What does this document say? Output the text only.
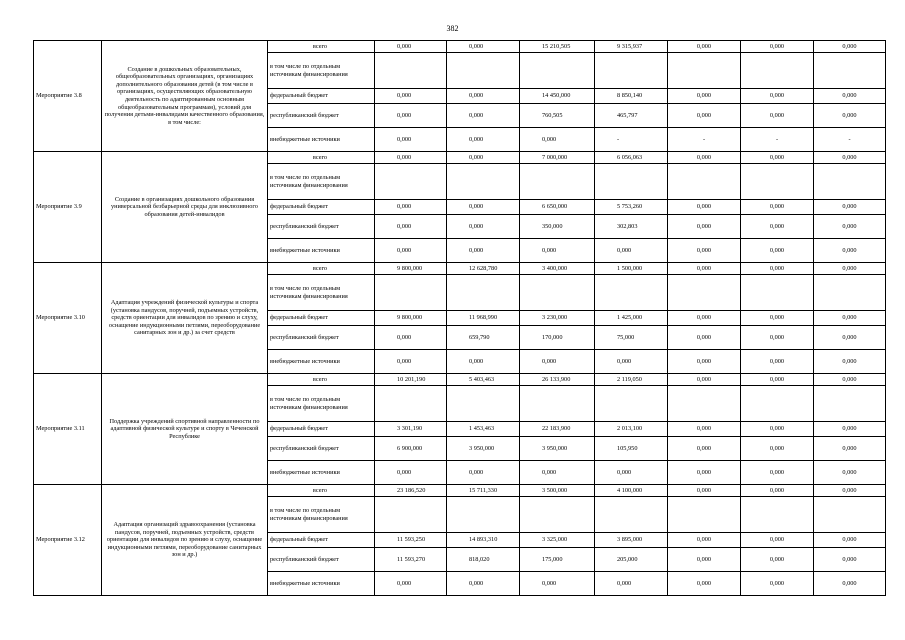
382
Мероприятие 3.8	Создание в дошкольных образовательных, общеобразовательных организациях, организациях дополнительного образования детей (в том числе в организациях, осуществляющих образовательную деятельность по адаптированным основным общеобразовательным программам), условий для получения детьми-инвалидами качественного образования, в том числе:	всего	0,000	0,000	15 210,505	9 315,937	0,000	0,000	0,000
		в том числе по отдельным источникам финансирования							
		федеральный бюджет	0,000	0,000	14 450,000	8 850,140	0,000	0,000	0,000
		республиканский бюджет	0,000	0,000	760,505	465,797	0,000	0,000	0,000
		внебюджетные источники	0,000	0,000	0,000	-	-	-	-
Мероприятие 3.9	Создание в организациях дошкольного образования универсальной безбарьерной среды для инклюзивного образования детей-инвалидов	всего	0,000	0,000	7 000,000	6 056,063	0,000	0,000	0,000
		в том числе по отдельным источникам финансирования							
		федеральный бюджет	0,000	0,000	6 650,000	5 753,260	0,000	0,000	0,000
		республиканский бюджет	0,000	0,000	350,000	302,803	0,000	0,000	0,000
		внебюджетные источники	0,000	0,000	0,000	0,000	0,000	0,000	0,000
Мероприятие 3.10	Адаптация учреждений физической культуры и спорта (установка пандусов, поручней, подъемных устройств, средств ориентации для инвалидов по зрению и слуху, оснащение индукционными петлями, переоборудование санитарных зон и др.) за счет средств	всего	9 800,000	12 628,780	3 400,000	1 500,000	0,000	0,000	0,000
		в том числе по отдельным источникам финансирования							
		федеральный бюджет	9 800,000	11 968,990	3 230,000	1 425,000	0,000	0,000	0,000
		республиканский бюджет	0,000	659,790	170,000	75,000	0,000	0,000	0,000
		внебюджетные источники	0,000	0,000	0,000	0,000	0,000	0,000	0,000
Мероприятие 3.11	Поддержка учреждений спортивной направленности по адаптивной физической культуре и спорту в Чеченской Республике	всего	10 201,190	5 403,463	26 133,900	2 119,050	0,000	0,000	0,000
		в том числе по отдельным источникам финансирования							
		федеральный бюджет	3 301,190	1 453,463	22 183,900	2 013,100	0,000	0,000	0,000
		республиканский бюджет	6 900,000	3 950,000	3 950,000	105,950	0,000	0,000	0,000
		внебюджетные источники	0,000	0,000	0,000	0,000	0,000	0,000	0,000
Мероприятие 3.12	Адаптация организаций здравоохранения (установка пандусов, поручней, подъемных устройств, средств ориентации для инвалидов по зрению и слуху, оснащение индукционными петлями, переоборудование санитарных зон и др.)	всего	23 186,520	15 711,330	3 500,000	4 100,000	0,000	0,000	0,000
		в том числе по отдельным источникам финансирования							
		федеральный бюджет	11 593,250	14 893,310	3 325,000	3 895,000	0,000	0,000	0,000
		республиканский бюджет	11 593,270	818,020	175,000	205,000	0,000	0,000	0,000
		внебюджетные источники	0,000	0,000	0,000	0,000	0,000	0,000	0,000
